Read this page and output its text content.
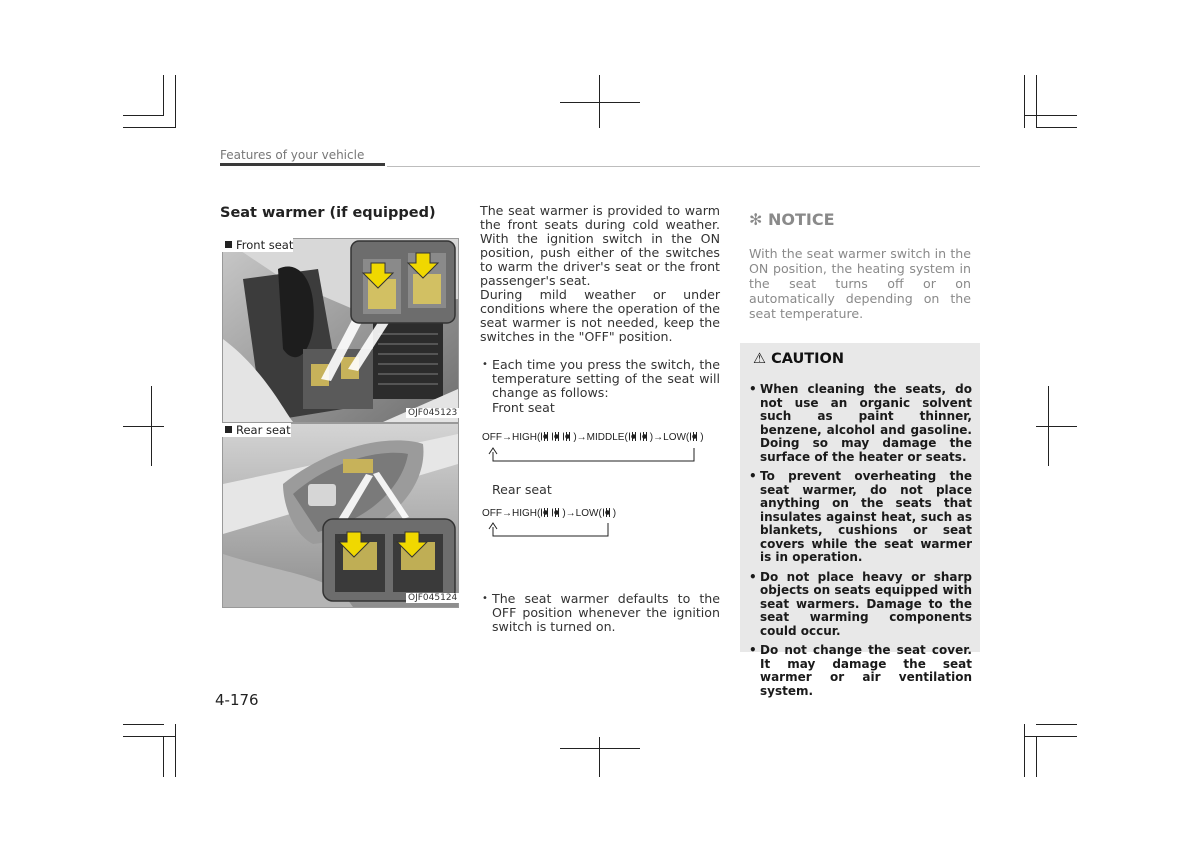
Features of your vehicle
Seat warmer (if equipped)
Front seat
OJF045123
Rear seat
OJF045124

The seat warmer is provided to warm the front seats during cold weather. With the ignition switch in the ON position, push either of the switches to warm the driver's seat or the front passenger's seat.

During mild weather or under conditions where the operation of the seat warmer is not needed, keep the switches in the "OFF" position.

• Each time you press the switch, the temperature setting of the seat will change as follows:
Front seat
OFF→HIGH(	)→MIDDLE( )→LOW( )
Rear seat
OFF→HIGH( )→LOW( )
• The seat warmer defaults to the OFF position whenever the ignition switch is turned on.
✻ NOTICE
With the seat warmer switch in the ON position, the heating system in the seat turns off or on automatically depending on the seat temperature.
⚠ CAUTION
• When cleaning the seats, do not use an organic solvent such as paint thinner, benzene, alcohol and gasoline. Doing so may damage the surface of the heater or seats.
• To prevent overheating the seat warmer, do not place anything on the seats that insulates against heat, such as blankets, cushions or seat covers while the seat warmer is in operation.
• Do not place heavy or sharp objects on seats equipped with seat warmers. Damage to the seat warming components could occur.
• Do not change the seat cover. It may damage the seat warmer or air ventilation system.
4-176
